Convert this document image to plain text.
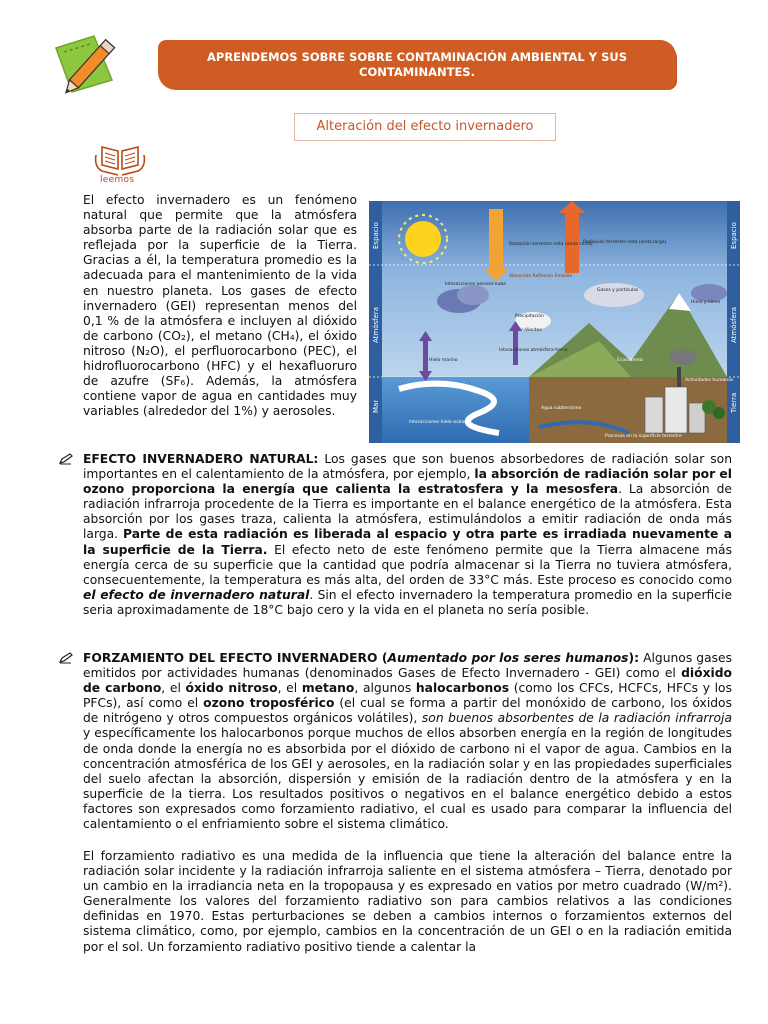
APRENDEMOS SOBRE SOBRE CONTAMINACIÓN AMBIENTAL Y SUS CONTAMINANTES.
Alteración del efecto invernadero
leemos

El efecto invernadero es un fenómeno natural que permite que la atmósfera absorba parte de la radiación solar que es reflejada por la superficie de la Tierra. Gracias a él, la temperatura promedio es la adecuada para el mantenimiento de la vida en nuestro planeta. Los gases de efecto invernadero (GEI) representan menos del 0,1 % de la atmósfera e incluyen al dióxido de carbono (CO₂), el metano (CH₄), el óxido nitroso (N₂O), el perfluorocarbono (PEC), el hidrofluorocarbono (HFC) y el hexafluoruro de azufre (SF₆). Además, la atmósfera contiene vapor de agua en cantidades muy variables (alrededor del 1%) y aerosoles.

Espacio
Atmósfera
Mar
Espacio
Atmósfera
Tierra
Radiación terrestre neta (onda corta)
Radiación terrestre neta (onda larga)
Absorción Reflexión Emisión
Gases y partículas
Hielo y nieve
Interacciones aerosol-nube
Precipitación
Vientos
Hielo marino
Interacciones atmósfera-tierra
Corrientes
Interacciones hielo-océano
Agua subterránea
Ecosistema
Actividades humanas
Procesos en la superficie terrestre
EFECTO INVERNADERO NATURAL: Los gases que son buenos absorbedores de radiación solar son importantes en el calentamiento de la atmósfera, por ejemplo, la absorción de radiación solar por el ozono proporciona la energía que calienta la estratosfera y la mesosfera. La absorción de radiación infrarroja procedente de la Tierra es importante en el balance energético de la atmósfera. Esta absorción por los gases traza, calienta la atmósfera, estimulándolos a emitir radiación de onda más larga. Parte de esta radiación es liberada al espacio y otra parte es irradiada nuevamente a la superficie de la Tierra. El efecto neto de este fenómeno permite que la Tierra almacene más energía cerca de su superficie que la cantidad que podría almacenar si la Tierra no tuviera atmósfera, consecuentemente, la temperatura es más alta, del orden de 33°C más. Este proceso es conocido como el efecto de invernadero natural. Sin el efecto invernadero la temperatura promedio en la superficie seria aproximadamente de 18°C bajo cero y la vida en el planeta no sería posible.
FORZAMIENTO DEL EFECTO INVERNADERO (Aumentado por los seres humanos): Algunos gases emitidos por actividades humanas (denominados Gases de Efecto Invernadero - GEI) como el dióxido de carbono, el óxido nitroso, el metano, algunos halocarbonos (como los CFCs, HCFCs, HFCs y los PFCs), así como el ozono troposférico (el cual se forma a partir del monóxido de carbono, los óxidos de nitrógeno y otros compuestos orgánicos volátiles), son buenos absorbentes de la radiación infrarroja y específicamente los halocarbonos porque muchos de ellos absorben energía en la región de longitudes de onda donde la energía no es absorbida por el dióxido de carbono ni el vapor de agua. Cambios en la concentración atmosférica de los GEI y aerosoles, en la radiación solar y en las propiedades superficiales del suelo afectan la absorción, dispersión y emisión de la radiación dentro de la atmósfera y en la superficie de la tierra. Los resultados positivos o negativos en el balance energético debido a estos factores son expresados como forzamiento radiativo, el cual es usado para comparar la influencia del calentamiento o el enfriamiento sobre el sistema climático.

El forzamiento radiativo es una medida de la influencia que tiene la alteración del balance entre la radiación solar incidente y la radiación infrarroja saliente en el sistema atmósfera – Tierra, denotado por un cambio en la irradiancia neta en la tropopausa y es expresado en vatios por metro cuadrado (W/m²). Generalmente los valores del forzamiento radiativo son para cambios relativos a las condiciones definidas en 1970. Estas perturbaciones se deben a cambios internos o forzamientos externos del sistema climático, como, por ejemplo, cambios en la concentración de un GEI o en la radiación emitida por el sol. Un forzamiento radiativo positivo tiende a calentar la
